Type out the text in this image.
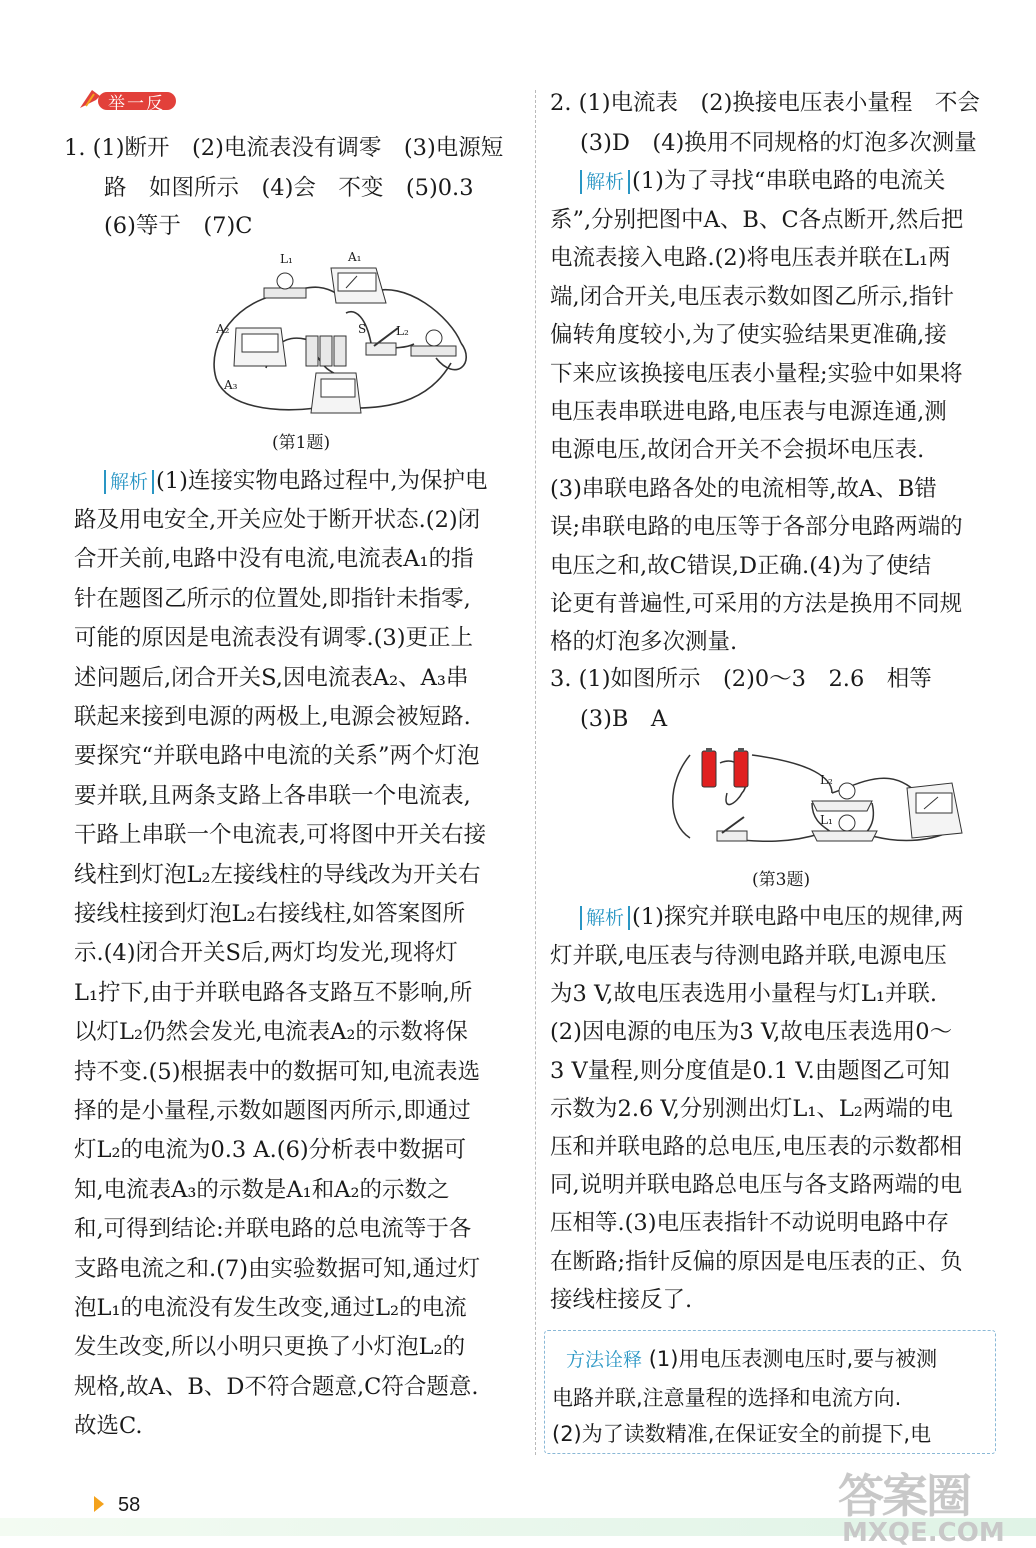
举一反三
1. (1)断开　(2)电流表没有调零　(3)电源短
路　如图所示　(4)会　不变　(5)0.3
(6)等于　(7)C
L₁	A₁
S L₂
A₂
A₃
(第1题)
解析 (1)连接实物电路过程中,为保护电
路及用电安全,开关应处于断开状态.(2)闭
合开关前,电路中没有电流,电流表A₁的指
针在题图乙所示的位置处,即指针未指零,
可能的原因是电流表没有调零.(3)更正上
述问题后,闭合开关S,因电流表A₂、A₃串
联起来接到电源的两极上,电源会被短路.
要探究“并联电路中电流的关系”两个灯泡
要并联,且两条支路上各串联一个电流表,
干路上串联一个电流表,可将图中开关右接
线柱到灯泡L₂左接线柱的导线改为开关右
接线柱接到灯泡L₂右接线柱,如答案图所
示.(4)闭合开关S后,两灯均发光,现将灯
L₁拧下,由于并联电路各支路互不影响,所
以灯L₂仍然会发光,电流表A₂的示数将保
持不变.(5)根据表中的数据可知,电流表选
择的是小量程,示数如题图丙所示,即通过
灯L₂的电流为0.3 A.(6)分析表中数据可
知,电流表A₃的示数是A₁和A₂的示数之
和,可得到结论:并联电路的总电流等于各
支路电流之和.(7)由实验数据可知,通过灯
泡L₁的电流没有发生改变,通过L₂的电流
发生改变,所以小明只更换了小灯泡L₂的
规格,故A、B、D不符合题意,C符合题意.
故选C.
2. (1)电流表　(2)换接电压表小量程　不会
(3)D　(4)换用不同规格的灯泡多次测量
解析 (1)为了寻找“串联电路的电流关
系”,分别把图中A、B、C各点断开,然后把
电流表接入电路.(2)将电压表并联在L₁两
端,闭合开关,电压表示数如图乙所示,指针
偏转角度较小,为了使实验结果更准确,接
下来应该换接电压表小量程;实验中如果将
电压表串联进电路,电压表与电源连通,测
电源电压,故闭合开关不会损坏电压表.
(3)串联电路各处的电流相等,故A、B错
误;串联电路的电压等于各部分电路两端的
电压之和,故C错误,D正确.(4)为了使结
论更有普遍性,可采用的方法是换用不同规
格的灯泡多次测量.
3. (1)如图所示　(2)0～3　2.6　相等
(3)B　A
L₂
L₁
(第3题)
解析 (1)探究并联电路中电压的规律,两
灯并联,电压表与待测电路并联,电源电压
为3 V,故电压表选用小量程与灯L₁并联.
(2)因电源的电压为3 V,故电压表选用0～
3 V量程,则分度值是0.1 V.由题图乙可知
示数为2.6 V,分别测出灯L₁、L₂两端的电
压和并联电路的总电压,电压表的示数都相
同,说明并联电路总电压与各支路两端的电
压相等.(3)电压表指针不动说明电路中存
在断路;指针反偏的原因是电压表的正、负
接线柱接反了.
方法诠释 (1)用电压表测电压时,要与被测
电路并联,注意量程的选择和电流方向.
(2)为了读数精准,在保证安全的前提下,电
58	答案圈
MXQE.COM
